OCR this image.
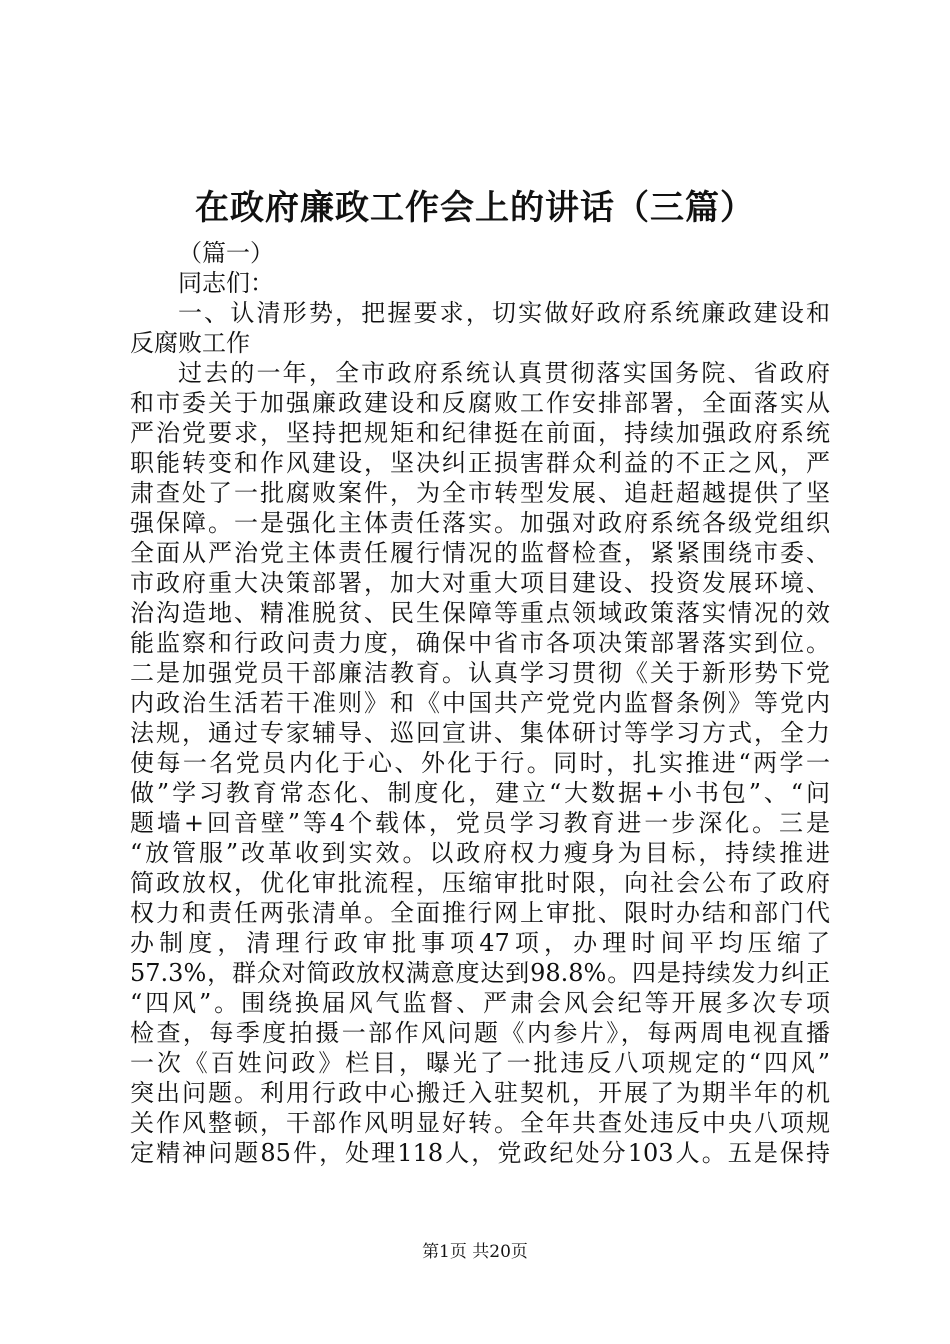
在政府廉政工作会上的讲话（三篇）
（篇一）
同志们：
一、认清形势，把握要求，切实做好政府系统廉政建设和
反腐败工作
过去的一年，全市政府系统认真贯彻落实国务院、省政府
和市委关于加强廉政建设和反腐败工作安排部署，全面落实从
严治党要求，坚持把规矩和纪律挺在前面，持续加强政府系统
职能转变和作风建设，坚决纠正损害群众利益的不正之风，严
肃查处了一批腐败案件，为全市转型发展、追赶超越提供了坚
强保障。一是强化主体责任落实。加强对政府系统各级党组织
全面从严治党主体责任履行情况的监督检查，紧紧围绕市委、
市政府重大决策部署，加大对重大项目建设、投资发展环境、
治沟造地、精准脱贫、民生保障等重点领域政策落实情况的效
能监察和行政问责力度，确保中省市各项决策部署落实到位。
二是加强党员干部廉洁教育。认真学习贯彻《关于新形势下党
内政治生活若干准则》和《中国共产党党内监督条例》等党内
法规，通过专家辅导、巡回宣讲、集体研讨等学习方式，全力
使每一名党员内化于心、外化于行。同时，扎实推进“两学一
做”学习教育常态化、制度化，建立“大数据+小书包”、“问
题墙+回音壁”等4个载体，党员学习教育进一步深化。三是
“放管服”改革收到实效。以政府权力瘦身为目标，持续推进
简政放权，优化审批流程，压缩审批时限，向社会公布了政府
权力和责任两张清单。全面推行网上审批、限时办结和部门代
办制度，清理行政审批事项47项，办理时间平均压缩了
57.3%，群众对简政放权满意度达到98.8%。四是持续发力纠正
“四风”。围绕换届风气监督、严肃会风会纪等开展多次专项
检查，每季度拍摄一部作风问题《内参片》，每两周电视直播
一次《百姓问政》栏目，曝光了一批违反八项规定的“四风”
突出问题。利用行政中心搬迁入驻契机，开展了为期半年的机
关作风整顿，干部作风明显好转。全年共查处违反中央八项规
定精神问题85件，处理118人，党政纪处分103人。五是保持
第1页 共20页
